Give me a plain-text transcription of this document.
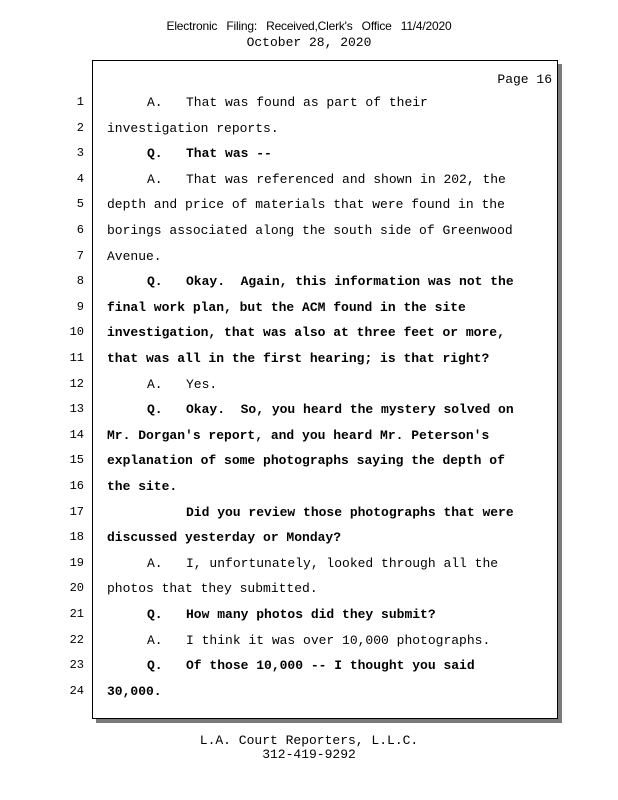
Electronic Filing: Received,Clerk's Office 11/4/2020
October 28, 2020
Page 16
1	A.   That was found as part of their
2 investigation reports.
3	Q.   That was --
4	A.   That was referenced and shown in 202, the
5 depth and price of materials that were found in the
6 borings associated along the south side of Greenwood
7 Avenue.
8	Q.   Okay.  Again, this information was not the
9 final work plan, but the ACM found in the site
10 investigation, that was also at three feet or more,
11 that was all in the first hearing; is that right?
12	A.   Yes.
13	Q.   Okay.  So, you heard the mystery solved on
14 Mr. Dorgan's report, and you heard Mr. Peterson's
15 explanation of some photographs saying the depth of
16 the site.
17	Did you review those photographs that were
18 discussed yesterday or Monday?
19	A.   I, unfortunately, looked through all the
20 photos that they submitted.
21	Q.   How many photos did they submit?
22	A.   I think it was over 10,000 photographs.
23	Q.   Of those 10,000 -- I thought you said
24 30,000.
L.A. Court Reporters, L.L.C.
312-419-9292
